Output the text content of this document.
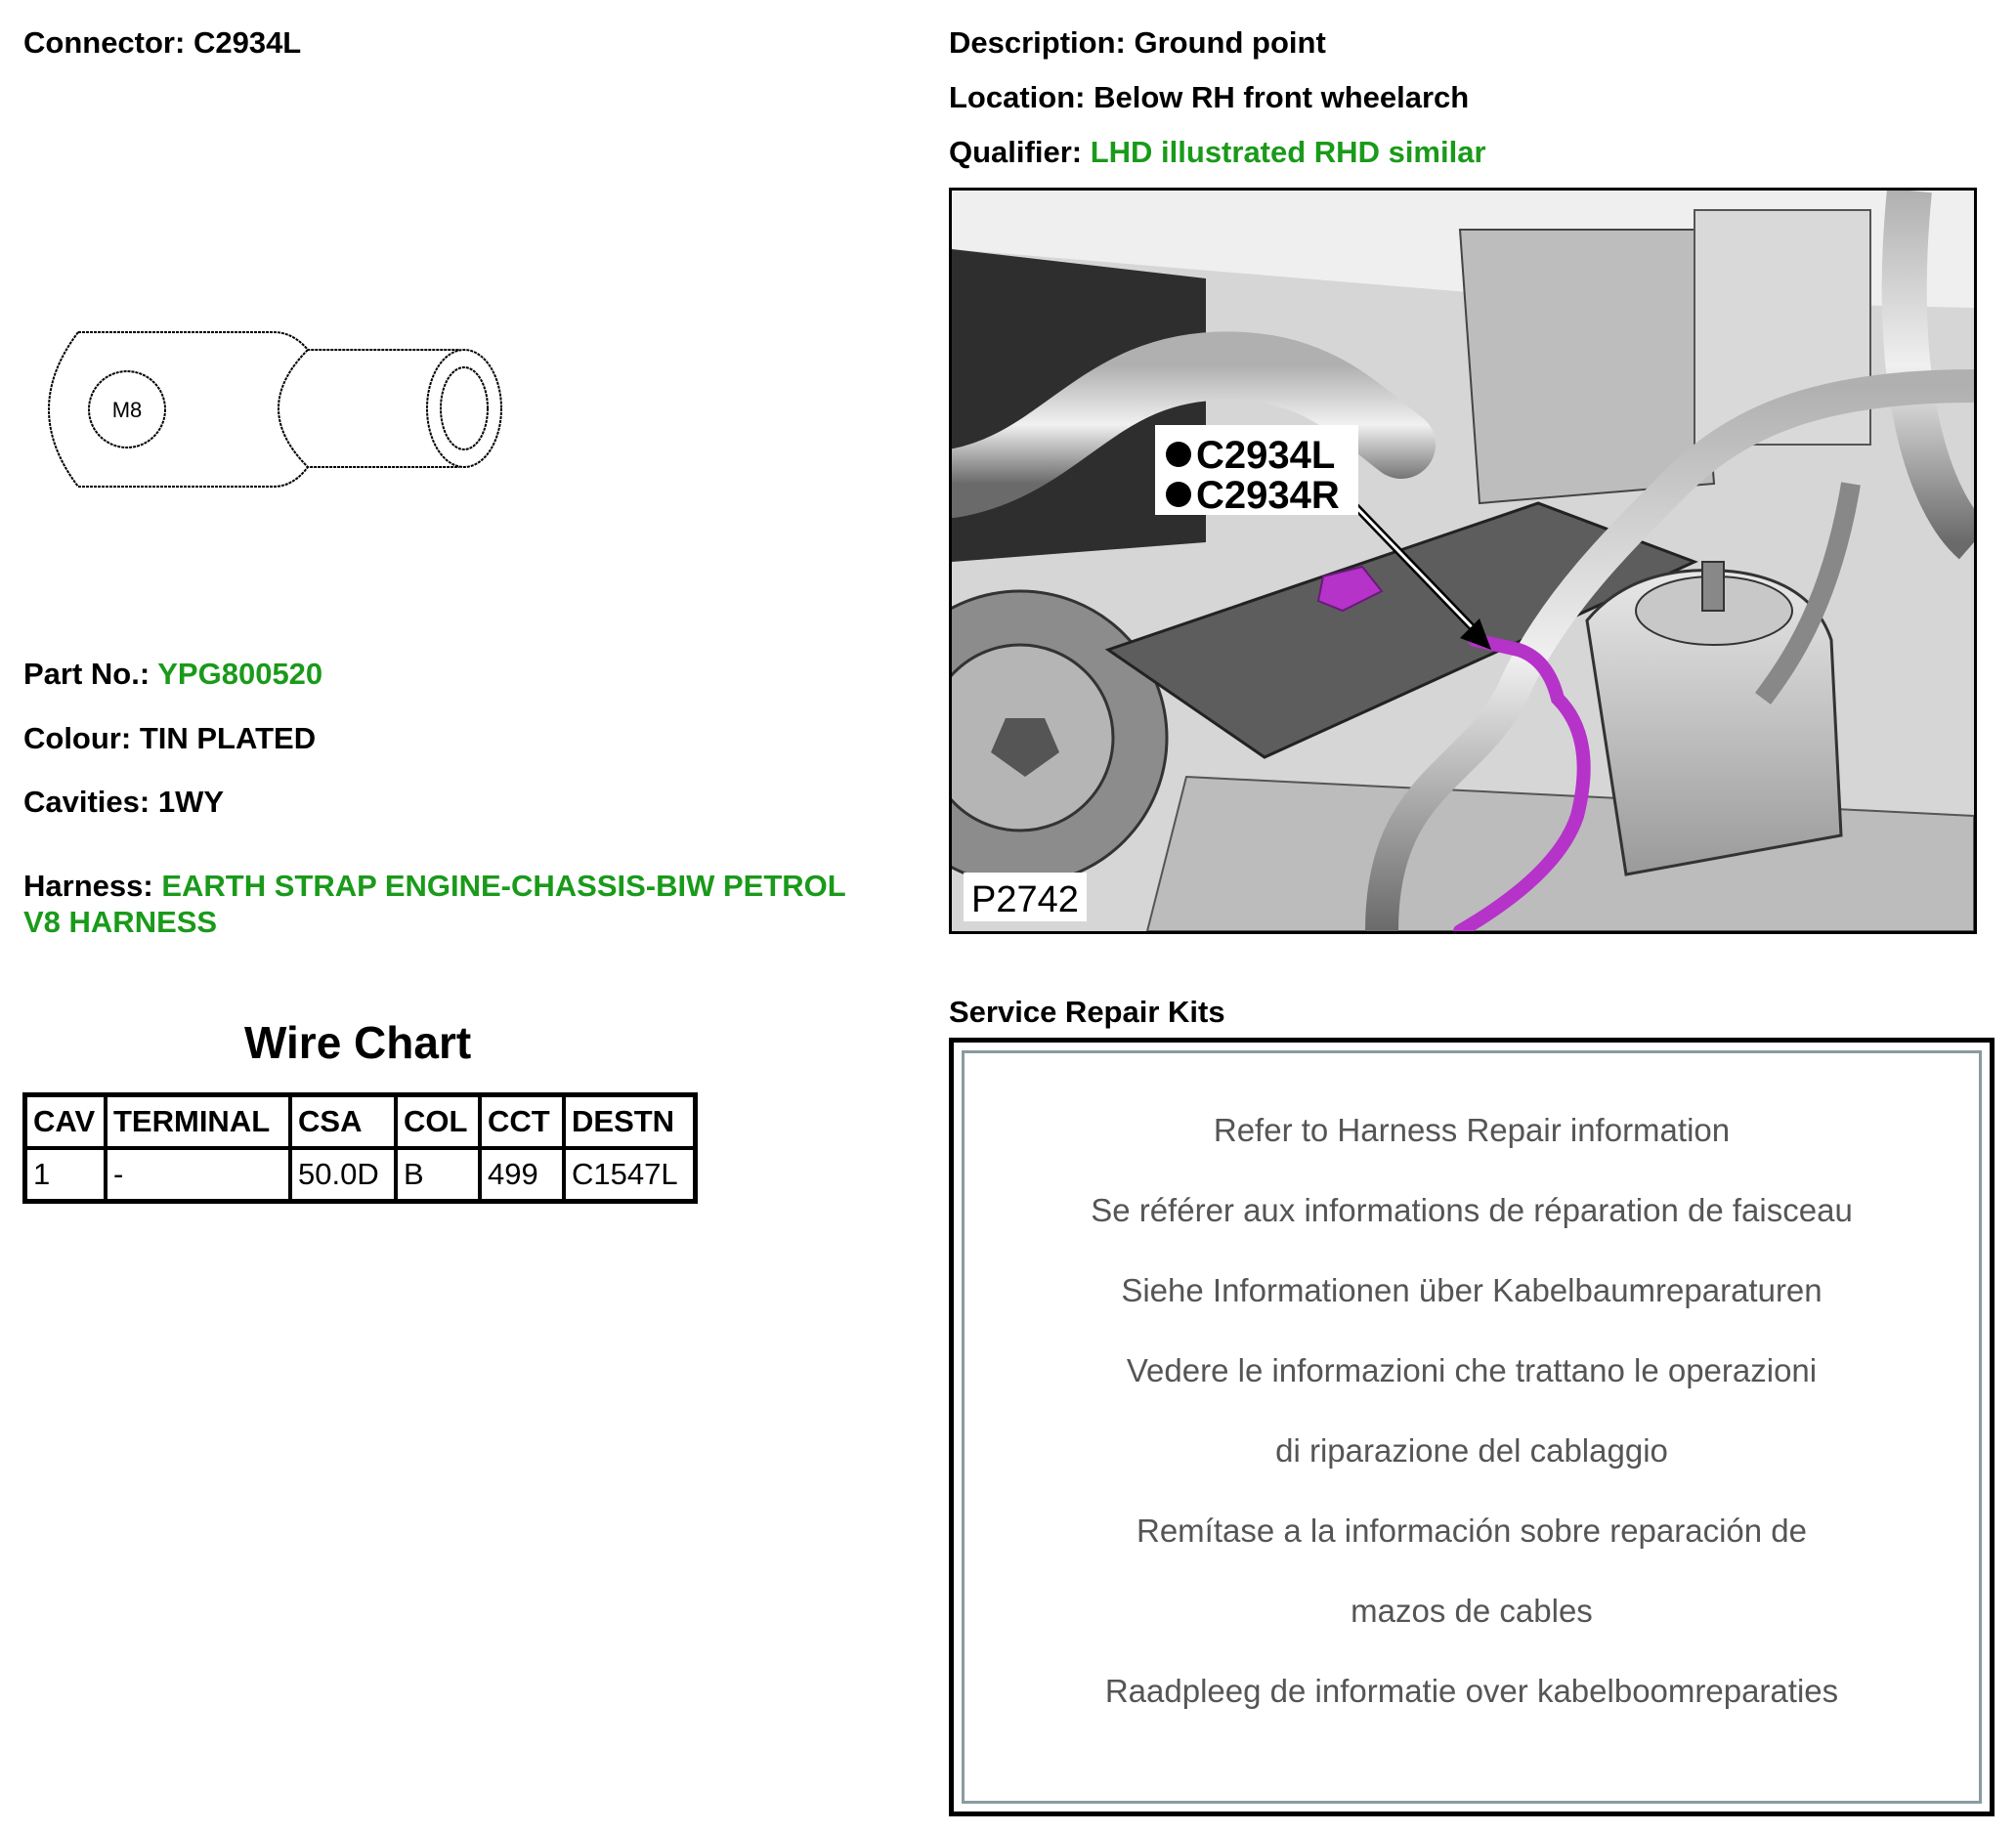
Connector: C2934L	Description: Ground point
Location: Below RH front wheelarch
Qualifier: LHD illustrated RHD similar
M8
Part No.: YPG800520
Colour: TIN PLATED
Cavities: 1WY
Harness: EARTH STRAP ENGINE-CHASSIS-BIW PETROL
V8 HARNESS
Wire Chart
CAV	TERMINAL	CSA	COL	CCT	DESTN
1	-	50.0D	B	499	C1547L
C2934L
C2934R
P2742
Service Repair Kits
Refer to Harness Repair information
Se référer aux informations de réparation de faisceau
Siehe Informationen über Kabelbaumreparaturen
Vedere le informazioni che trattano le operazioni
di riparazione del cablaggio
Remítase a la información sobre reparación de
mazos de cables
Raadpleeg de informatie over kabelboomreparaties
